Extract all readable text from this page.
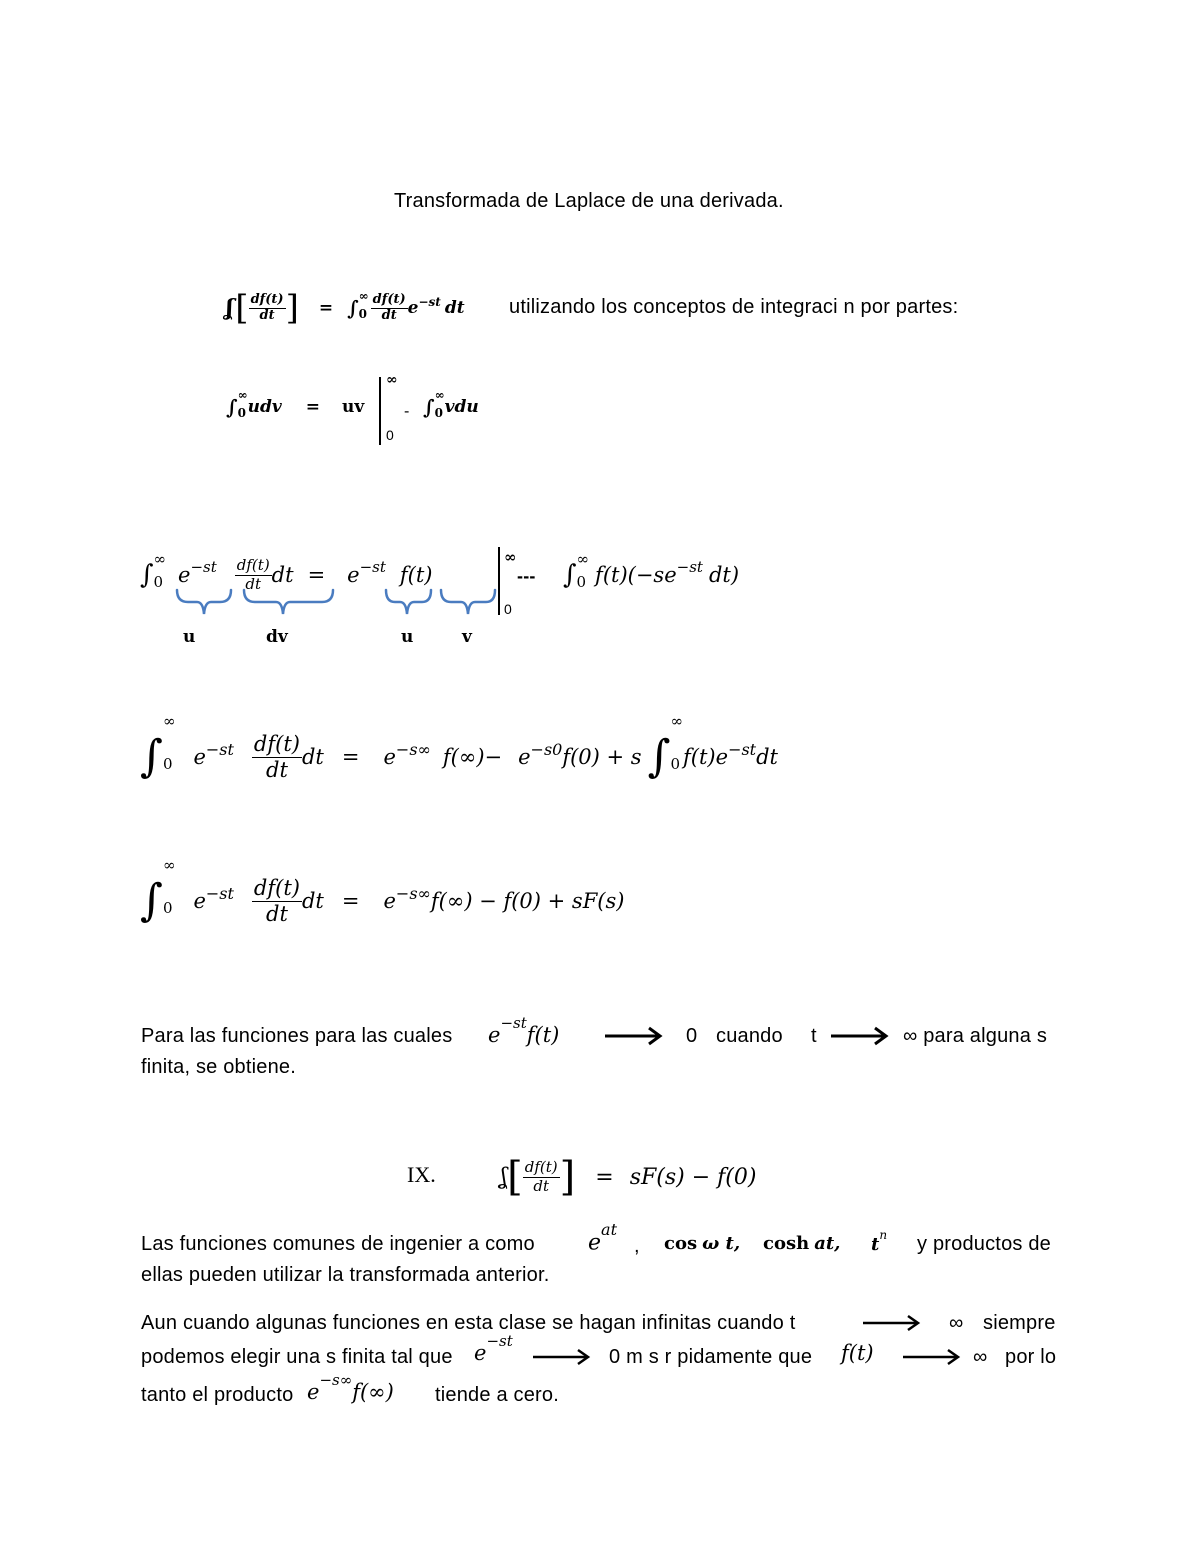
Transformada de Laplace de una derivada.
ʆ [ $\frac{df(t)}{dt}$ ] = ∫ ∞
$0 \frac{df(t)}{dt} e^{-st}$ dt utilizando los conceptos de integraci n por partes:
∫ ∞
0 udv = uv
∞
0
- ∫ ∞
0 vdu
∫
∞
0 $e^{-st} \frac{df(t)}{dt}$ dt = $e^{-st}$ f(t)
∞
0
--- ∫
∞
0 $f(t)(-se^{-st}$ dt)
u	dv	u	v
∫
∞
0 $e^{-st} \frac{df(t)}{dt}$ dt = $e^{-s\infty}$ $f(\infty)- e^{-s0}$ f(0) + s ∫
∞
0 $f(t)e^{-st}$ dt
∫
∞
0 $e^{-st} \frac{df(t)}{dt}$ dt = $e^{-s\infty}$ f(∞) − f(0) + sF(s)
Para las funciones para las cuales $e^{-st}f(t)$	0 cuando t	∞ para alguna s
finita, se obtiene.
IX.	ʆ [ $\frac{df(t)}{dt}$ ] = sF(s) − f(0)
Las funciones comunes de ingenier a como $e^{at}$
, cos ω t, cosh at, $t^n$ y productos de
ellas pueden utilizar la transformada anterior.
Aun cuando algunas funciones en esta clase se hagan infinitas cuando t	∞ siempre
podemos elegir una s finita tal que $e^{-st}$
0 m s r pidamente que f(t)	∞ por lo
tanto el producto $e^{-s\infty}f(\infty)$ tiende a cero.
